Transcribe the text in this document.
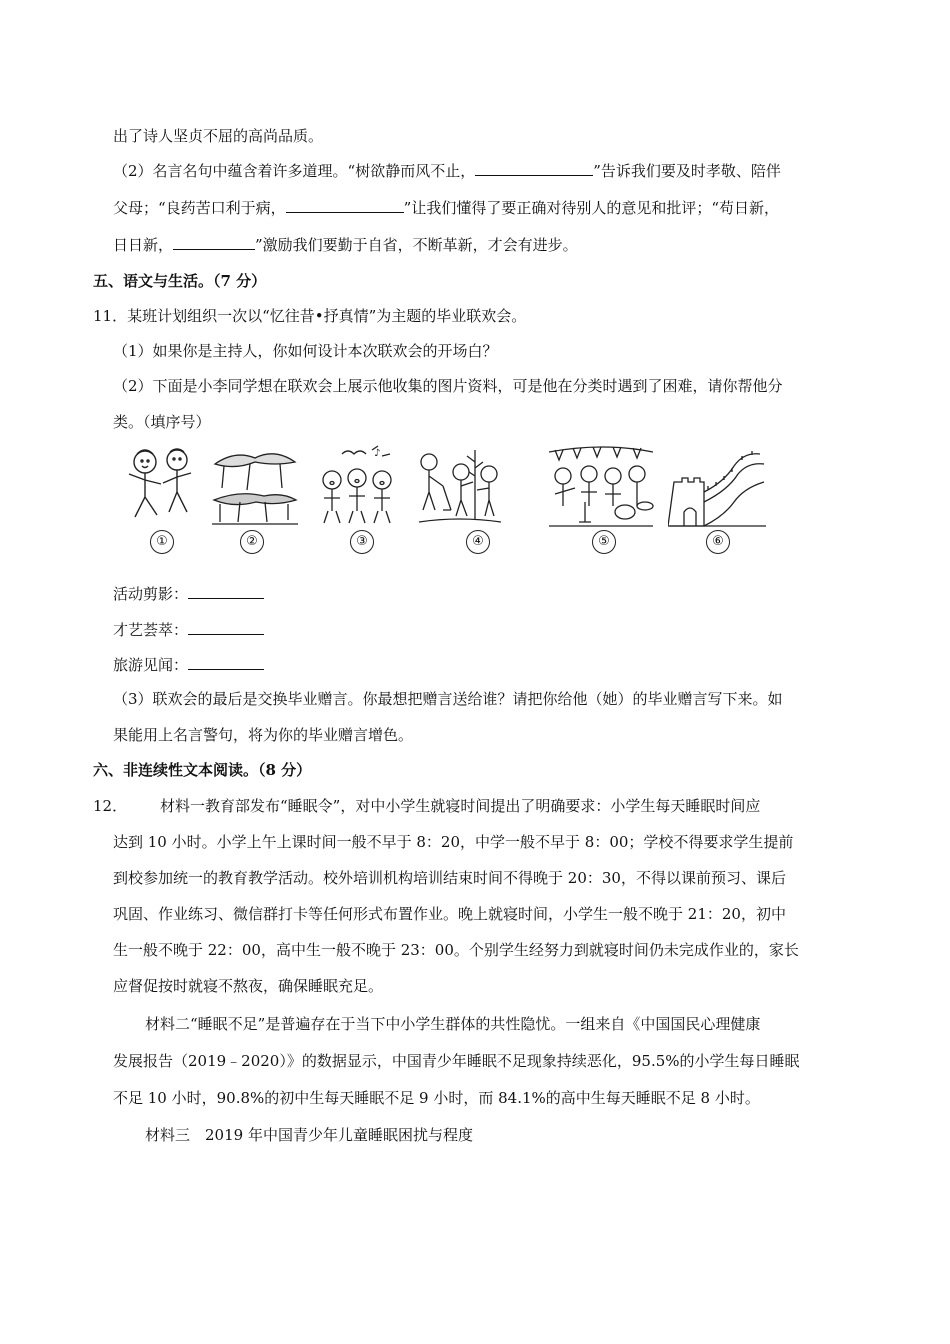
出了诗人坚贞不屈的高尚品质。
（2）名言名句中蕴含着许多道理。“树欲静而风不止，	”告诉我们要及时孝敬、陪伴
父母；“良药苦口利于病，	”让我们懂得了要正确对待别人的意见和批评；“苟日新，
日日新，	”激励我们要勤于自省，不断革新，才会有进步。
五、语文与生活。（7 分）
11．某班计划组织一次以“忆往昔•抒真情”为主题的毕业联欢会。
（1）如果你是主持人，你如何设计本次联欢会的开场白？
（2）下面是小李同学想在联欢会上展示他收集的图片资料，可是他在分类时遇到了困难，请你帮他分
类。（填序号）
♪
①	②	③	④	⑤	⑥
活动剪影：
才艺荟萃：
旅游见闻：
（3）联欢会的最后是交换毕业赠言。你最想把赠言送给谁？请把你给他（她）的毕业赠言写下来。如
果能用上名言警句，将为你的毕业赠言增色。
六、非连续性文本阅读。（8 分）
12． 材料一教育部发布“睡眠令”，对中小学生就寝时间提出了明确要求：小学生每天睡眠时间应
达到 10 小时。小学上午上课时间一般不早于 8：20，中学一般不早于 8：00；学校不得要求学生提前
到校参加统一的教育教学活动。校外培训机构培训结束时间不得晚于 20：30，不得以课前预习、课后
巩固、作业练习、微信群打卡等任何形式布置作业。晚上就寝时间，小学生一般不晚于 21：20，初中
生一般不晚于 22：00，高中生一般不晚于 23：00。个别学生经努力到就寝时间仍未完成作业的，家长
应督促按时就寝不熬夜，确保睡眠充足。
材料二“睡眠不足”是普遍存在于当下中小学生群体的共性隐忧。一组来自《中国国民心理健康
发展报告（2019﹣2020）》的数据显示，中国青少年睡眠不足现象持续恶化，95.5%的小学生每日睡眠
不足 10 小时，90.8%的初中生每天睡眠不足 9 小时，而 84.1%的高中生每天睡眠不足 8 小时。
材料三　2019 年中国青少年儿童睡眠困扰与程度
